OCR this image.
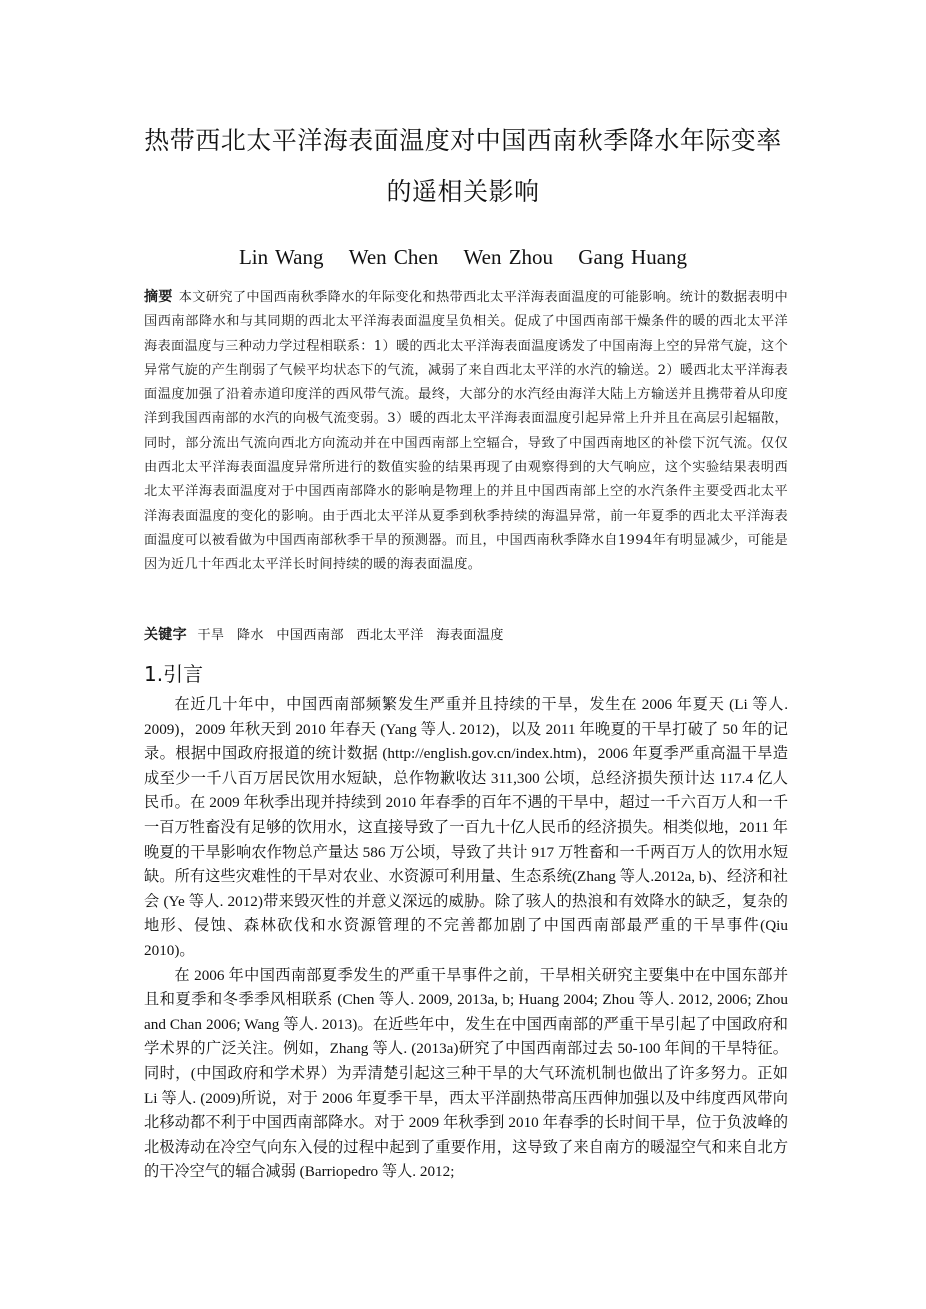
热带西北太平洋海表面温度对中国西南秋季降水年际变率
的遥相关影响
Lin Wang Wen Chen Wen Zhou Gang Huang
摘要 本文研究了中国西南秋季降水的年际变化和热带西北太平洋海表面温度的可能影响。统计的数据表明中国西南部降水和与其同期的西北太平洋海表面温度呈负相关。促成了中国西南部干燥条件的暖的西北太平洋海表面温度与三种动力学过程相联系：1）暖的西北太平洋海表面温度诱发了中国南海上空的异常气旋，这个异常气旋的产生削弱了气候平均状态下的气流，减弱了来自西北太平洋的水汽的输送。2）暖西北太平洋海表面温度加强了沿着赤道印度洋的西风带气流。最终，大部分的水汽经由海洋大陆上方输送并且携带着从印度洋到我国西南部的水汽的向极气流变弱。3）暖的西北太平洋海表面温度引起异常上升并且在高层引起辐散，同时，部分流出气流向西北方向流动并在中国西南部上空辐合，导致了中国西南地区的补偿下沉气流。仅仅由西北太平洋海表面温度异常所进行的数值实验的结果再现了由观察得到的大气响应，这个实验结果表明西北太平洋海表面温度对于中国西南部降水的影响是物理上的并且中国西南部上空的水汽条件主要受西北太平洋海表面温度的变化的影响。由于西北太平洋从夏季到秋季持续的海温异常，前一年夏季的西北太平洋海表面温度可以被看做为中国西南部秋季干旱的预测器。而且，中国西南秋季降水自1994年有明显减少，可能是因为近几十年西北太平洋长时间持续的暖的海表面温度。
关键字 干旱 降水 中国西南部 西北太平洋 海表面温度
1.引言

在近几十年中，中国西南部频繁发生严重并且持续的干旱，发生在 2006 年夏天 (Li 等人. 2009)，2009 年秋天到 2010 年春天 (Yang 等人. 2012)，以及 2011 年晚夏的干旱打破了 50 年的记录。根据中国政府报道的统计数据 (http://english.gov.cn/index.htm)，2006 年夏季严重高温干旱造成至少一千八百万居民饮用水短缺，总作物歉收达 311,300 公顷，总经济损失预计达 117.4 亿人民币。在 2009 年秋季出现并持续到 2010 年春季的百年不遇的干旱中，超过一千六百万人和一千一百万牲畜没有足够的饮用水，这直接导致了一百九十亿人民币的经济损失。相类似地，2011 年晚夏的干旱影响农作物总产量达 586 万公顷，导致了共计 917 万牲畜和一千两百万人的饮用水短缺。所有这些灾难性的干旱对农业、水资源可利用量、生态系统(Zhang 等人.2012a, b)、经济和社会 (Ye 等人. 2012)带来毁灭性的并意义深远的威胁。除了骇人的热浪和有效降水的缺乏，复杂的地形、侵蚀、森林砍伐和水资源管理的不完善都加剧了中国西南部最严重的干旱事件(Qiu 2010)。

在 2006 年中国西南部夏季发生的严重干旱事件之前，干旱相关研究主要集中在中国东部并且和夏季和冬季季风相联系 (Chen 等人. 2009, 2013a, b; Huang 2004; Zhou 等人. 2012, 2006; Zhou and Chan 2006; Wang 等人. 2013)。在近些年中，发生在中国西南部的严重干旱引起了中国政府和学术界的广泛关注。例如，Zhang 等人. (2013a)研究了中国西南部过去 50-100 年间的干旱特征。同时，(中国政府和学术界）为弄清楚引起这三种干旱的大气环流机制也做出了许多努力。正如 Li 等人. (2009)所说，对于 2006 年夏季干旱，西太平洋副热带高压西伸加强以及中纬度西风带向北移动都不利于中国西南部降水。对于 2009 年秋季到 2010 年春季的长时间干旱，位于负波峰的北极涛动在冷空气向东入侵的过程中起到了重要作用，这导致了来自南方的暖湿空气和来自北方的干冷空气的辐合减弱 (Barriopedro 等人. 2012;
